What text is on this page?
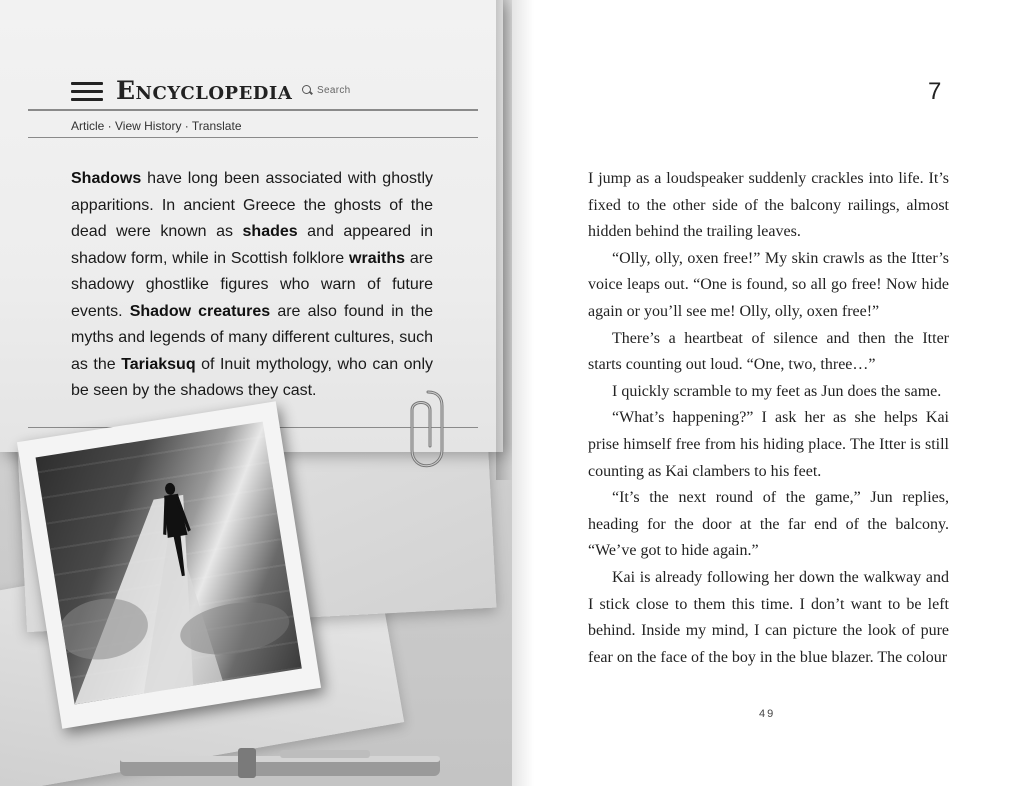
Encyclopedia Search
Article · View History · Translate
Shadows have long been associated with ghostly apparitions. In ancient Greece the ghosts of the dead were known as shades and appeared in shadow form, while in Scottish folklore wraiths are shadowy ghostlike figures who warn of future events. Shadow creatures are also found in the myths and legends of many different cultures, such as the Tariaksuq of Inuit mythology, who can only be seen by the shadows they cast.
7

I jump as a loudspeaker suddenly crackles into life. It’s fixed to the other side of the balcony railings, almost hidden behind the trailing leaves.

“Olly, olly, oxen free!” My skin crawls as the Itter’s voice leaps out. “One is found, so all go free! Now hide again or you’ll see me! Olly, olly, oxen free!”

There’s a heartbeat of silence and then the Itter starts counting out loud. “One, two, three…”

I quickly scramble to my feet as Jun does the same.

“What’s happening?” I ask her as she helps Kai prise himself free from his hiding place. The Itter is still counting as Kai clambers to his feet.

“It’s the next round of the game,” Jun replies, heading for the door at the far end of the balcony. “We’ve got to hide again.”

Kai is already following her down the walkway and I stick close to them this time. I don’t want to be left behind. Inside my mind, I can picture the look of pure fear on the face of the boy in the blue blazer. The colour

49
